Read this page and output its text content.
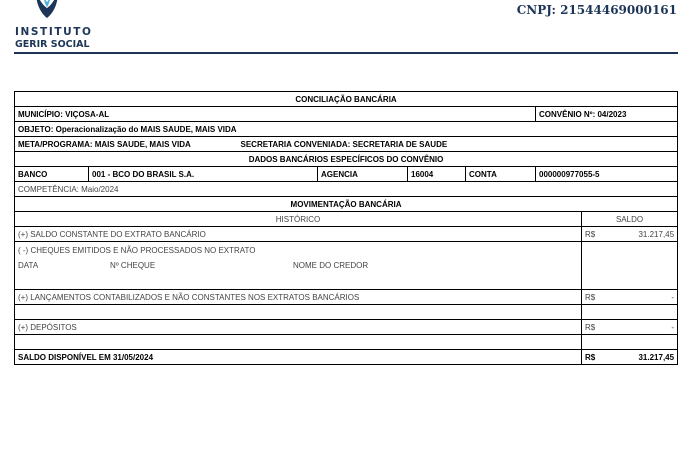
INSTITUTO
GERIR SOCIAL
CNPJ: 21544469000161
CONCILIAÇÃO BANCÁRIA							
MUNICÍPIO: VIÇOSA-AL						CONVÊNIO Nº: 04/2023	
OBJETO: Operacionalização do MAIS SAUDE, MAIS VIDA							
META/PROGRAMA: MAIS SAUDE, MAIS VIDA		SECRETARIA CONVENIADA: SECRETARIA DE SAUDE					
DADOS BANCÁRIOS ESPECÍFICOS DO CONVÊNIO							
BANCO	001 - BCO DO BRASIL S.A.		AGENCIA	16004	CONTA	000000977055-5	
COMPETÊNCIA: Maio/2024							
MOVIMENTAÇÃO BANCÁRIA							
HISTÓRICO							SALDO
(+) SALDO CONSTANTE DO EXTRATO BANCÁRIO							R$ 31.217,45

( -) CHEQUES EMITIDOS E NÃO PROCESSADOS NO EXTRATO
DATA Nº CHEQUE NOME DO CREDOR							

(+) LANÇAMENTOS CONTABILIZADOS E NÃO CONSTANTES NOS EXTRATOS BANCÁRIOS							R$ -

(+) DEPÓSITOS							R$ -

SALDO DISPONÍVEL EM 31/05/2024							R$ 31.217,45
